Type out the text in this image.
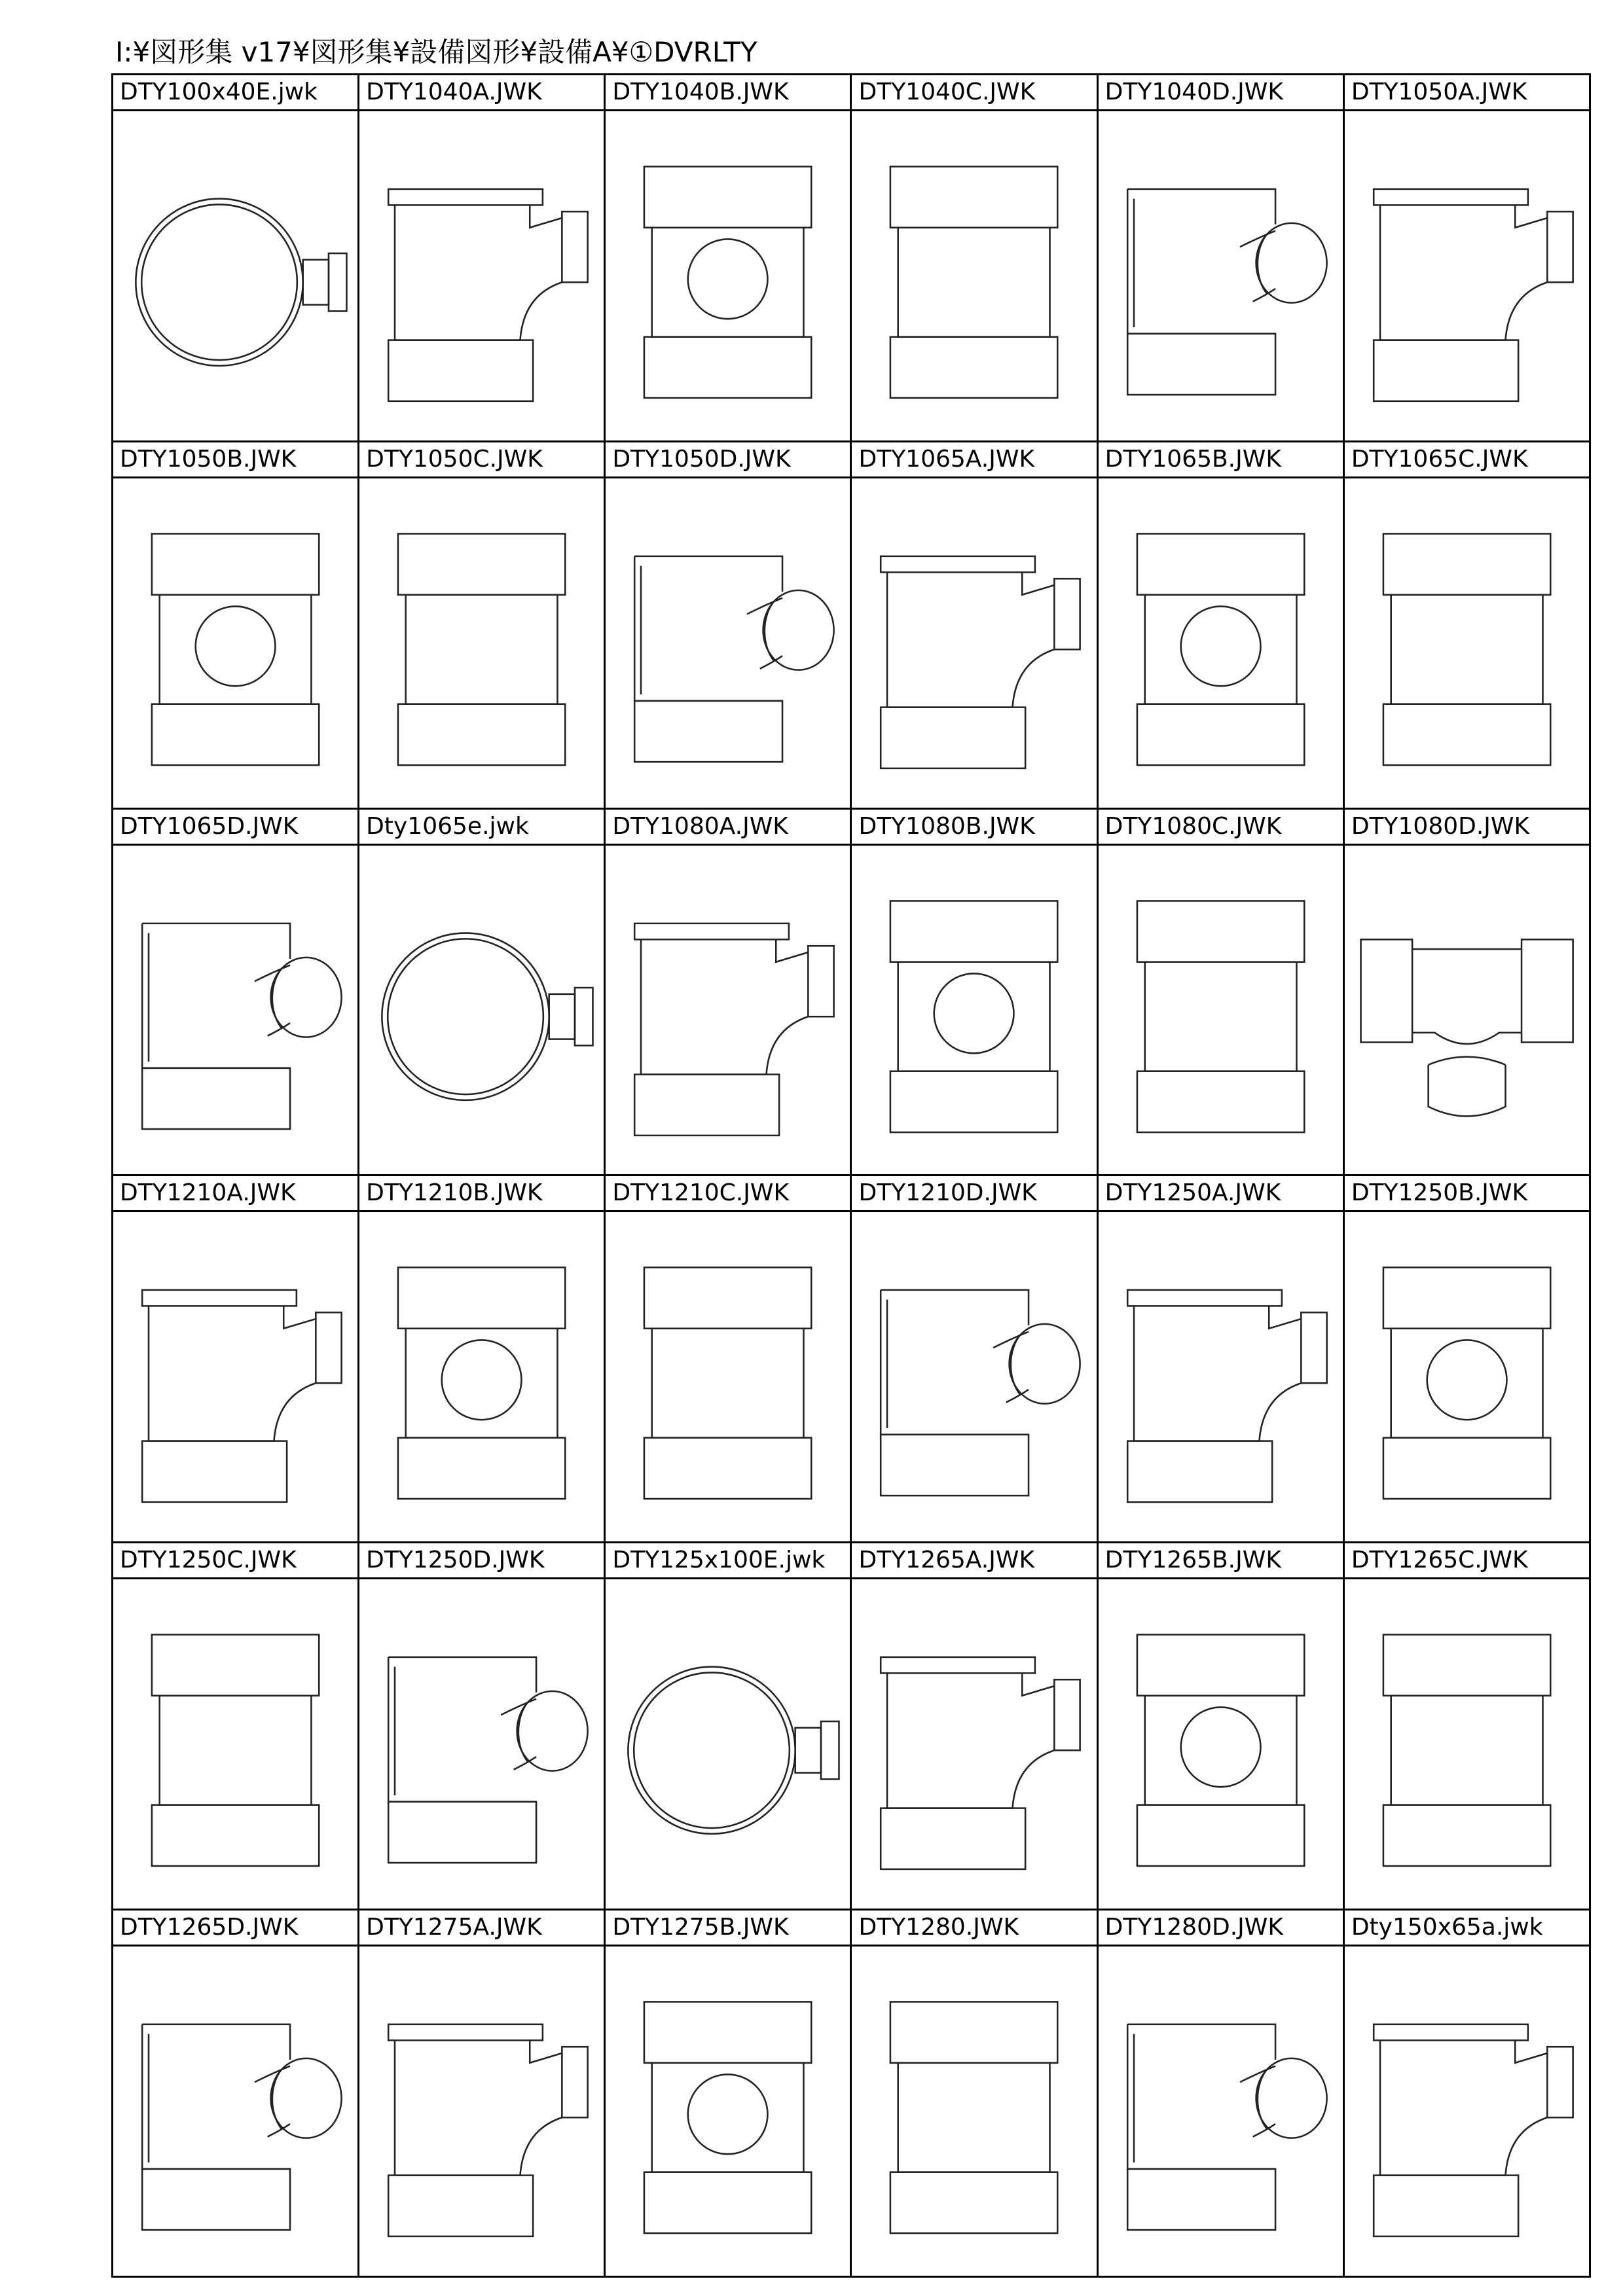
I:¥図形集 v17¥図形集¥設備図形¥設備A¥①DVRLTY
DTY100x40E.jwk	DTY1040A.JWK	DTY1040B.JWK	DTY1040C.JWK	DTY1040D.JWK	DTY1050A.JWK
DTY1050B.JWK	DTY1050C.JWK	DTY1050D.JWK	DTY1065A.JWK	DTY1065B.JWK	DTY1065C.JWK
DTY1065D.JWK	Dty1065e.jwk	DTY1080A.JWK	DTY1080B.JWK	DTY1080C.JWK	DTY1080D.JWK
DTY1210A.JWK	DTY1210B.JWK	DTY1210C.JWK	DTY1210D.JWK	DTY1250A.JWK	DTY1250B.JWK
DTY1250C.JWK	DTY1250D.JWK	DTY125x100E.jwk	DTY1265A.JWK	DTY1265B.JWK	DTY1265C.JWK
DTY1265D.JWK	DTY1275A.JWK	DTY1275B.JWK	DTY1280.JWK	DTY1280D.JWK	Dty150x65a.jwk
